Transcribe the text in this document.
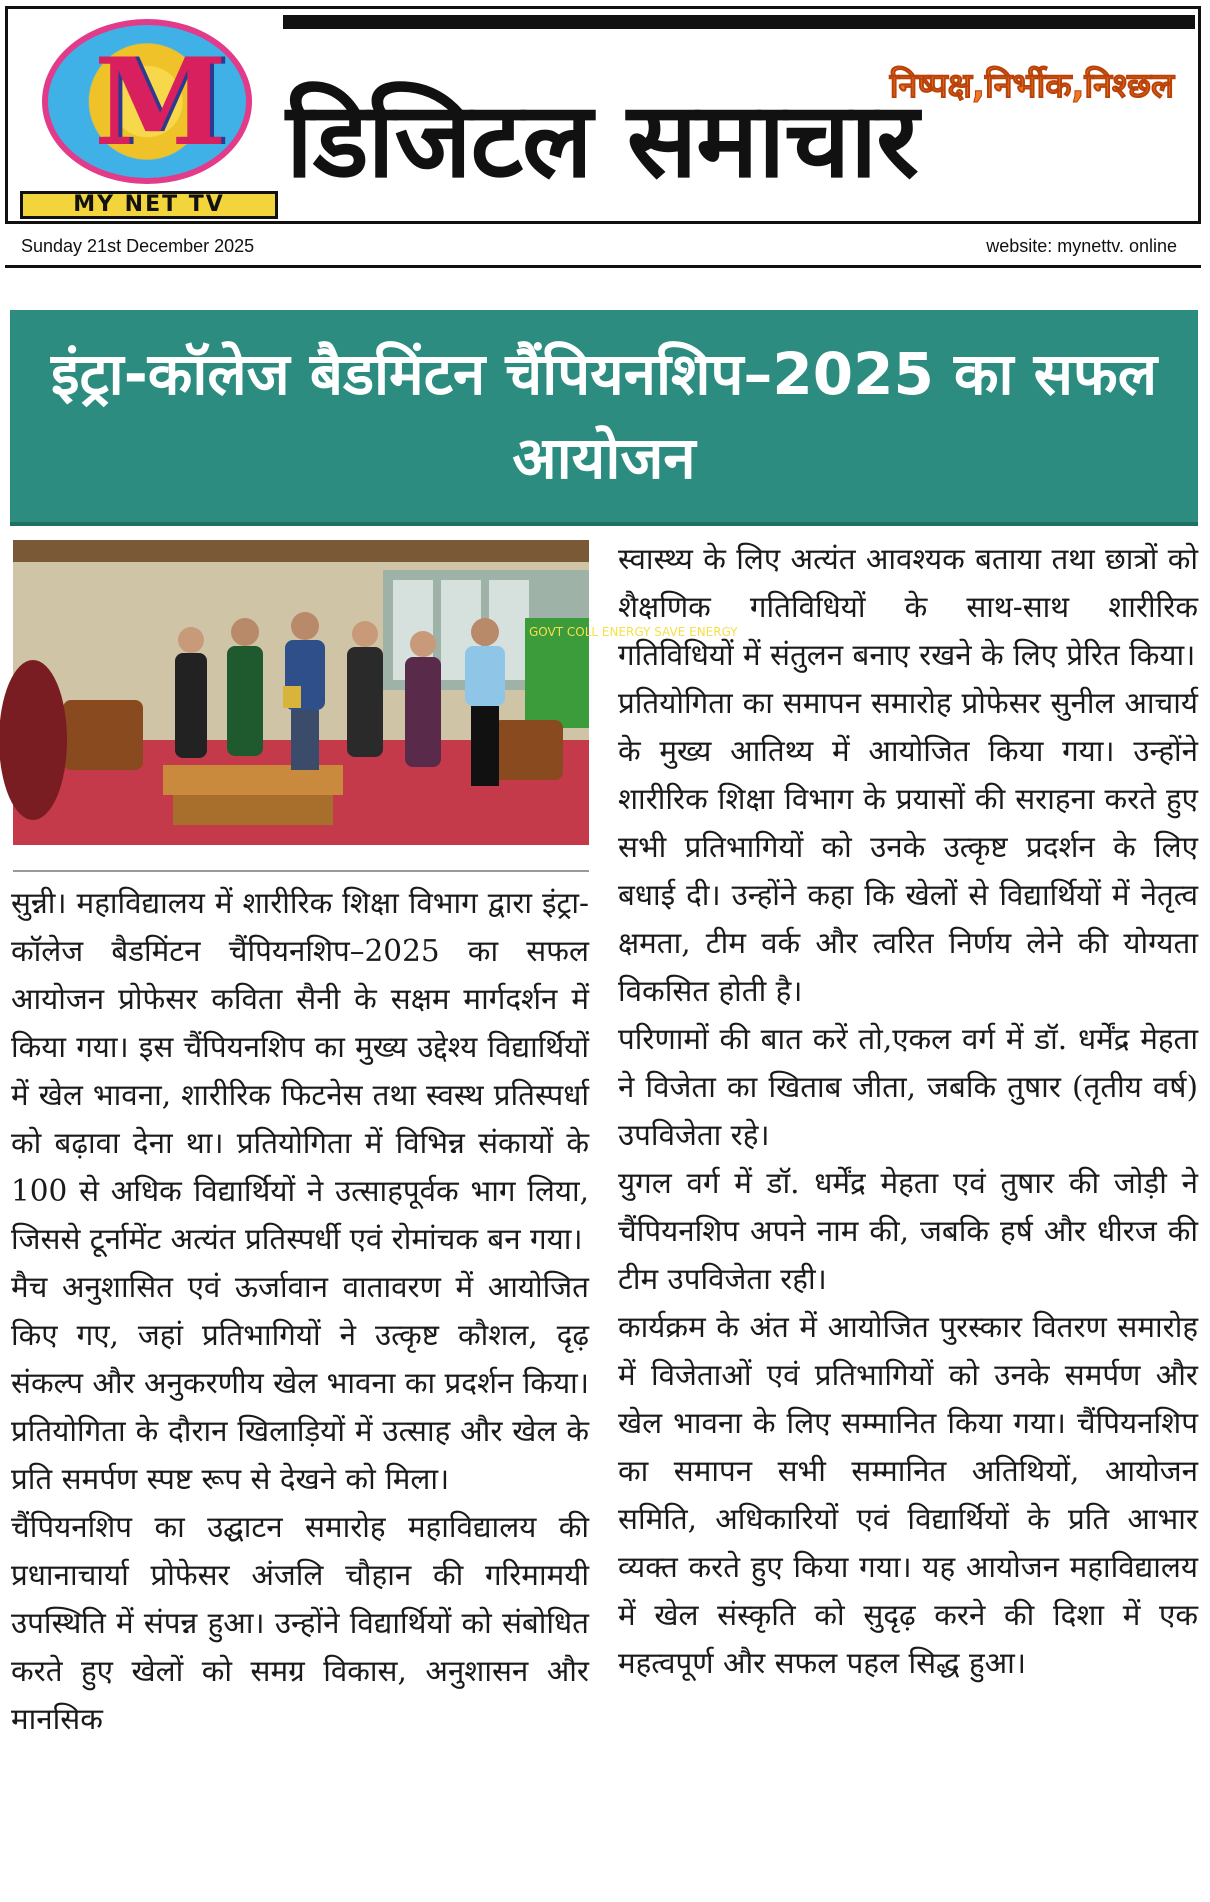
M
MY NET TV
निष्पक्ष,निर्भीक,निश्छल
डिजिटल समाचार
Sunday 21st December 2025	website: mynettv. online
इंट्रा-कॉलेज बैडमिंटन चैंपियनशिप–2025 का सफल आयोजन
GOVT COLL ENERGY SAVE ENERGY

सुन्नी। महाविद्यालय में शारीरिक शिक्षा विभाग द्वारा इंट्रा-कॉलेज बैडमिंटन चैंपियनशिप–2025 का सफल आयोजन प्रोफेसर कविता सैनी के सक्षम मार्गदर्शन में किया गया। इस चैंपियनशिप का मुख्य उद्देश्य विद्यार्थियों में खेल भावना, शारीरिक फिटनेस तथा स्वस्थ प्रतिस्पर्धा को बढ़ावा देना था। प्रतियोगिता में विभिन्न संकायों के 100 से अधिक विद्यार्थियों ने उत्साहपूर्वक भाग लिया, जिससे टूर्नामेंट अत्यंत प्रतिस्पर्धी एवं रोमांचक बन गया।

मैच अनुशासित एवं ऊर्जावान वातावरण में आयोजित किए गए, जहां प्रतिभागियों ने उत्कृष्ट कौशल, दृढ़ संकल्प और अनुकरणीय खेल भावना का प्रदर्शन किया। प्रतियोगिता के दौरान खिलाड़ियों में उत्साह और खेल के प्रति समर्पण स्पष्ट रूप से देखने को मिला।

चैंपियनशिप का उद्घाटन समारोह महाविद्यालय की प्रधानाचार्या प्रोफेसर अंजलि चौहान की गरिमामयी उपस्थिति में संपन्न हुआ। उन्होंने विद्यार्थियों को संबोधित करते हुए खेलों को समग्र विकास, अनुशासन और मानसिक

स्वास्थ्य के लिए अत्यंत आवश्यक बताया तथा छात्रों को शैक्षणिक गतिविधियों के साथ-साथ शारीरिक गतिविधियों में संतुलन बनाए रखने के लिए प्रेरित किया।

प्रतियोगिता का समापन समारोह प्रोफेसर सुनील आचार्य के मुख्य आतिथ्य में आयोजित किया गया। उन्होंने शारीरिक शिक्षा विभाग के प्रयासों की सराहना करते हुए सभी प्रतिभागियों को उनके उत्कृष्ट प्रदर्शन के लिए बधाई दी। उन्होंने कहा कि खेलों से विद्यार्थियों में नेतृत्व क्षमता, टीम वर्क और त्वरित निर्णय लेने की योग्यता विकसित होती है।

परिणामों की बात करें तो,एकल वर्ग में डॉ. धर्मेंद्र मेहता ने विजेता का खिताब जीता, जबकि तुषार (तृतीय वर्ष) उपविजेता रहे।

युगल वर्ग में डॉ. धर्मेंद्र मेहता एवं तुषार की जोड़ी ने चैंपियनशिप अपने नाम की, जबकि हर्ष और धीरज की टीम उपविजेता रही।

कार्यक्रम के अंत में आयोजित पुरस्कार वितरण समारोह में विजेताओं एवं प्रतिभागियों को उनके समर्पण और खेल भावना के लिए सम्मानित किया गया। चैंपियनशिप का समापन सभी सम्मानित अतिथियों, आयोजन समिति, अधिकारियों एवं विद्यार्थियों के प्रति आभार व्यक्त करते हुए किया गया। यह आयोजन महाविद्यालय में खेल संस्कृति को सुदृढ़ करने की दिशा में एक महत्वपूर्ण और सफल पहल सिद्ध हुआ।
